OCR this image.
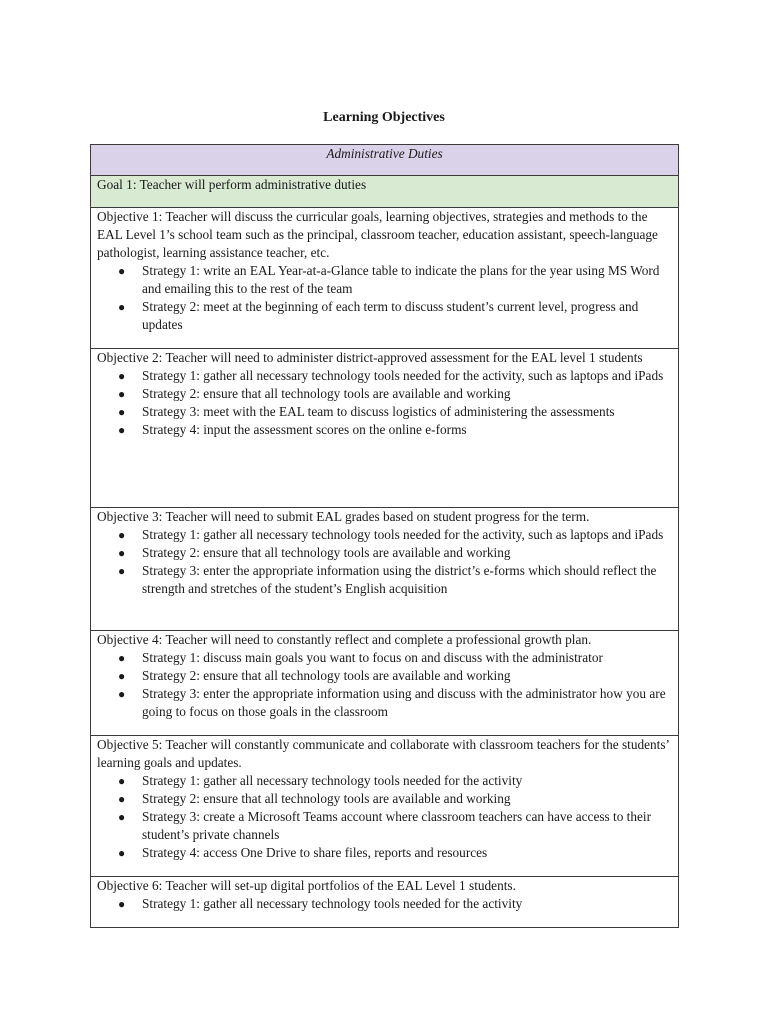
Learning Objectives
Administrative Duties
Goal 1: Teacher will perform administrative duties

Objective 1: Teacher will discuss the curricular goals, learning objectives, strategies and methods to the EAL Level 1’s school team such as the principal, classroom teacher, education assistant, speech-language pathologist, learning assistance teacher, etc.

● Strategy 1: write an EAL Year-at-a-Glance table to indicate the plans for the year using MS Word and emailing this to the rest of the team
● Strategy 2: meet at the beginning of each term to discuss student’s current level, progress and updates

Objective 2: Teacher will need to administer district-approved assessment for the EAL level 1 students

● Strategy 1: gather all necessary technology tools needed for the activity, such as laptops and iPads
● Strategy 2: ensure that all technology tools are available and working
● Strategy 3: meet with the EAL team to discuss logistics of administering the assessments
● Strategy 4: input the assessment scores on the online e-forms

Objective 3: Teacher will need to submit EAL grades based on student progress for the term.

● Strategy 1: gather all necessary technology tools needed for the activity, such as laptops and iPads
● Strategy 2: ensure that all technology tools are available and working
● Strategy 3: enter the appropriate information using the district’s e-forms which should reflect the strength and stretches of the student’s English acquisition

Objective 4: Teacher will need to constantly reflect and complete a professional growth plan.

● Strategy 1: discuss main goals you want to focus on and discuss with the administrator
● Strategy 2: ensure that all technology tools are available and working
● Strategy 3: enter the appropriate information using and discuss with the administrator how you are going to focus on those goals in the classroom

Objective 5: Teacher will constantly communicate and collaborate with classroom teachers for the students’ learning goals and updates.

● Strategy 1: gather all necessary technology tools needed for the activity
● Strategy 2: ensure that all technology tools are available and working
● Strategy 3: create a Microsoft Teams account where classroom teachers can have access to their student’s private channels
● Strategy 4: access One Drive to share files, reports and resources

Objective 6: Teacher will set-up digital portfolios of the EAL Level 1 students.

● Strategy 1: gather all necessary technology tools needed for the activity
